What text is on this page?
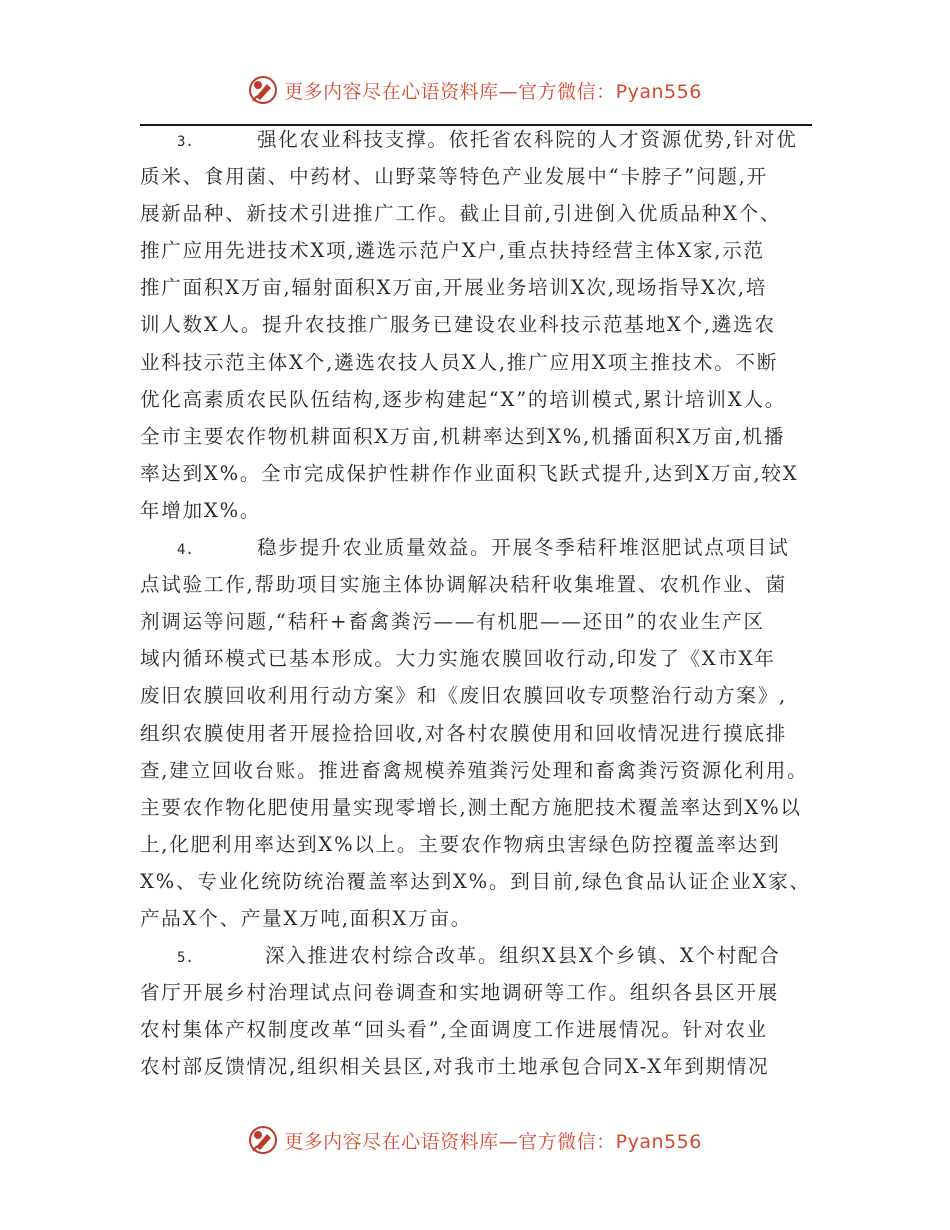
更多内容尽在心语资料库—官方微信：Pyan556
3.	强化农业科技支撑。依托省农科院的人才资源优势,针对优
质米、食用菌、中药材、山野菜等特色产业发展中“卡脖子”问题,开
展新品种、新技术引进推广工作。截止目前,引进倒入优质品种X个、
推广应用先进技术X项,遴选示范户X户,重点扶持经营主体X家,示范
推广面积X万亩,辐射面积X万亩,开展业务培训X次,现场指导X次,培
训人数X人。提升农技推广服务已建设农业科技示范基地X个,遴选农
业科技示范主体X个,遴选农技人员X人,推广应用X项主推技术。不断
优化高素质农民队伍结构,逐步构建起“X”的培训模式,累计培训X人。
全市主要农作物机耕面积X万亩,机耕率达到X%,机播面积X万亩,机播
率达到X%。全市完成保护性耕作作业面积飞跃式提升,达到X万亩,较X
年增加X%。
4.	稳步提升农业质量效益。开展冬季秸秆堆沤肥试点项目试
点试验工作,帮助项目实施主体协调解决秸秆收集堆置、农机作业、菌
剂调运等问题,“秸秆+畜禽粪污——有机肥——还田”的农业生产区
域内循环模式已基本形成。大力实施农膜回收行动,印发了《X市X年
废旧农膜回收利用行动方案》和《废旧农膜回收专项整治行动方案》,
组织农膜使用者开展捡拾回收,对各村农膜使用和回收情况进行摸底排
查,建立回收台账。推进畜禽规模养殖粪污处理和畜禽粪污资源化利用。
主要农作物化肥使用量实现零增长,测土配方施肥技术覆盖率达到X%以
上,化肥利用率达到X%以上。主要农作物病虫害绿色防控覆盖率达到
X%、专业化统防统治覆盖率达到X%。到目前,绿色食品认证企业X家、
产品X个、产量X万吨,面积X万亩。
5.	深入推进农村综合改革。组织X县X个乡镇、X个村配合
省厅开展乡村治理试点问卷调查和实地调研等工作。组织各县区开展
农村集体产权制度改革“回头看”,全面调度工作进展情况。针对农业
农村部反馈情况,组织相关县区,对我市土地承包合同X-X年到期情况
更多内容尽在心语资料库—官方微信：Pyan556
